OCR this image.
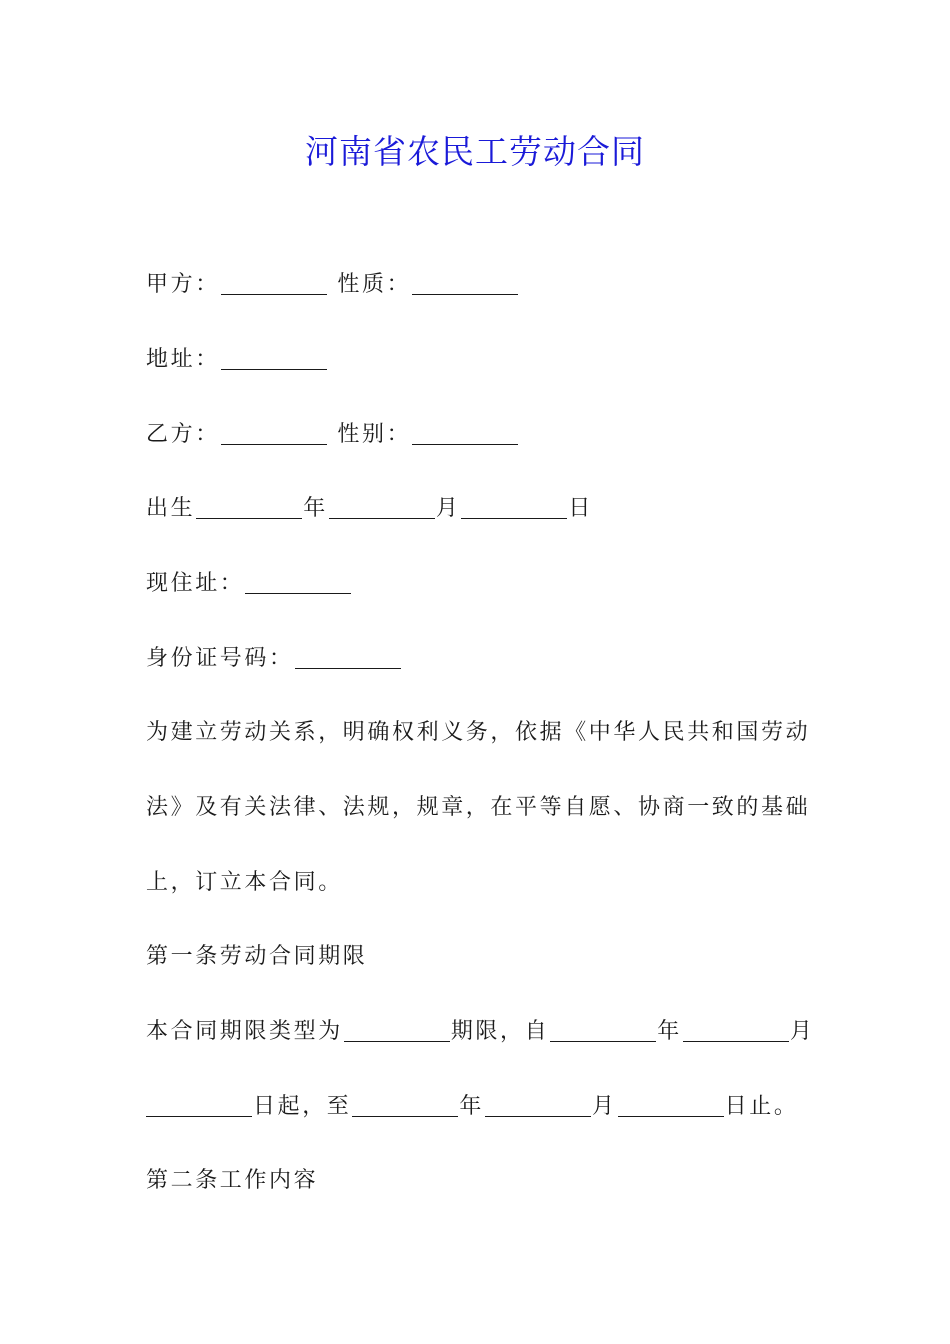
河南省农民工劳动合同
甲方：	性质：
地址：
乙方：	性别：
出生	年	月	日
现住址：
身份证号码：
为建立劳动关系，明确权利义务，依据《中华人民共和国劳动
法》及有关法律、法规，规章，在平等自愿、协商一致的基础
上，订立本合同。
第一条劳动合同期限
本合同期限类型为	期限，自	年	月
日起，至	年	月	日止。
第二条工作内容
